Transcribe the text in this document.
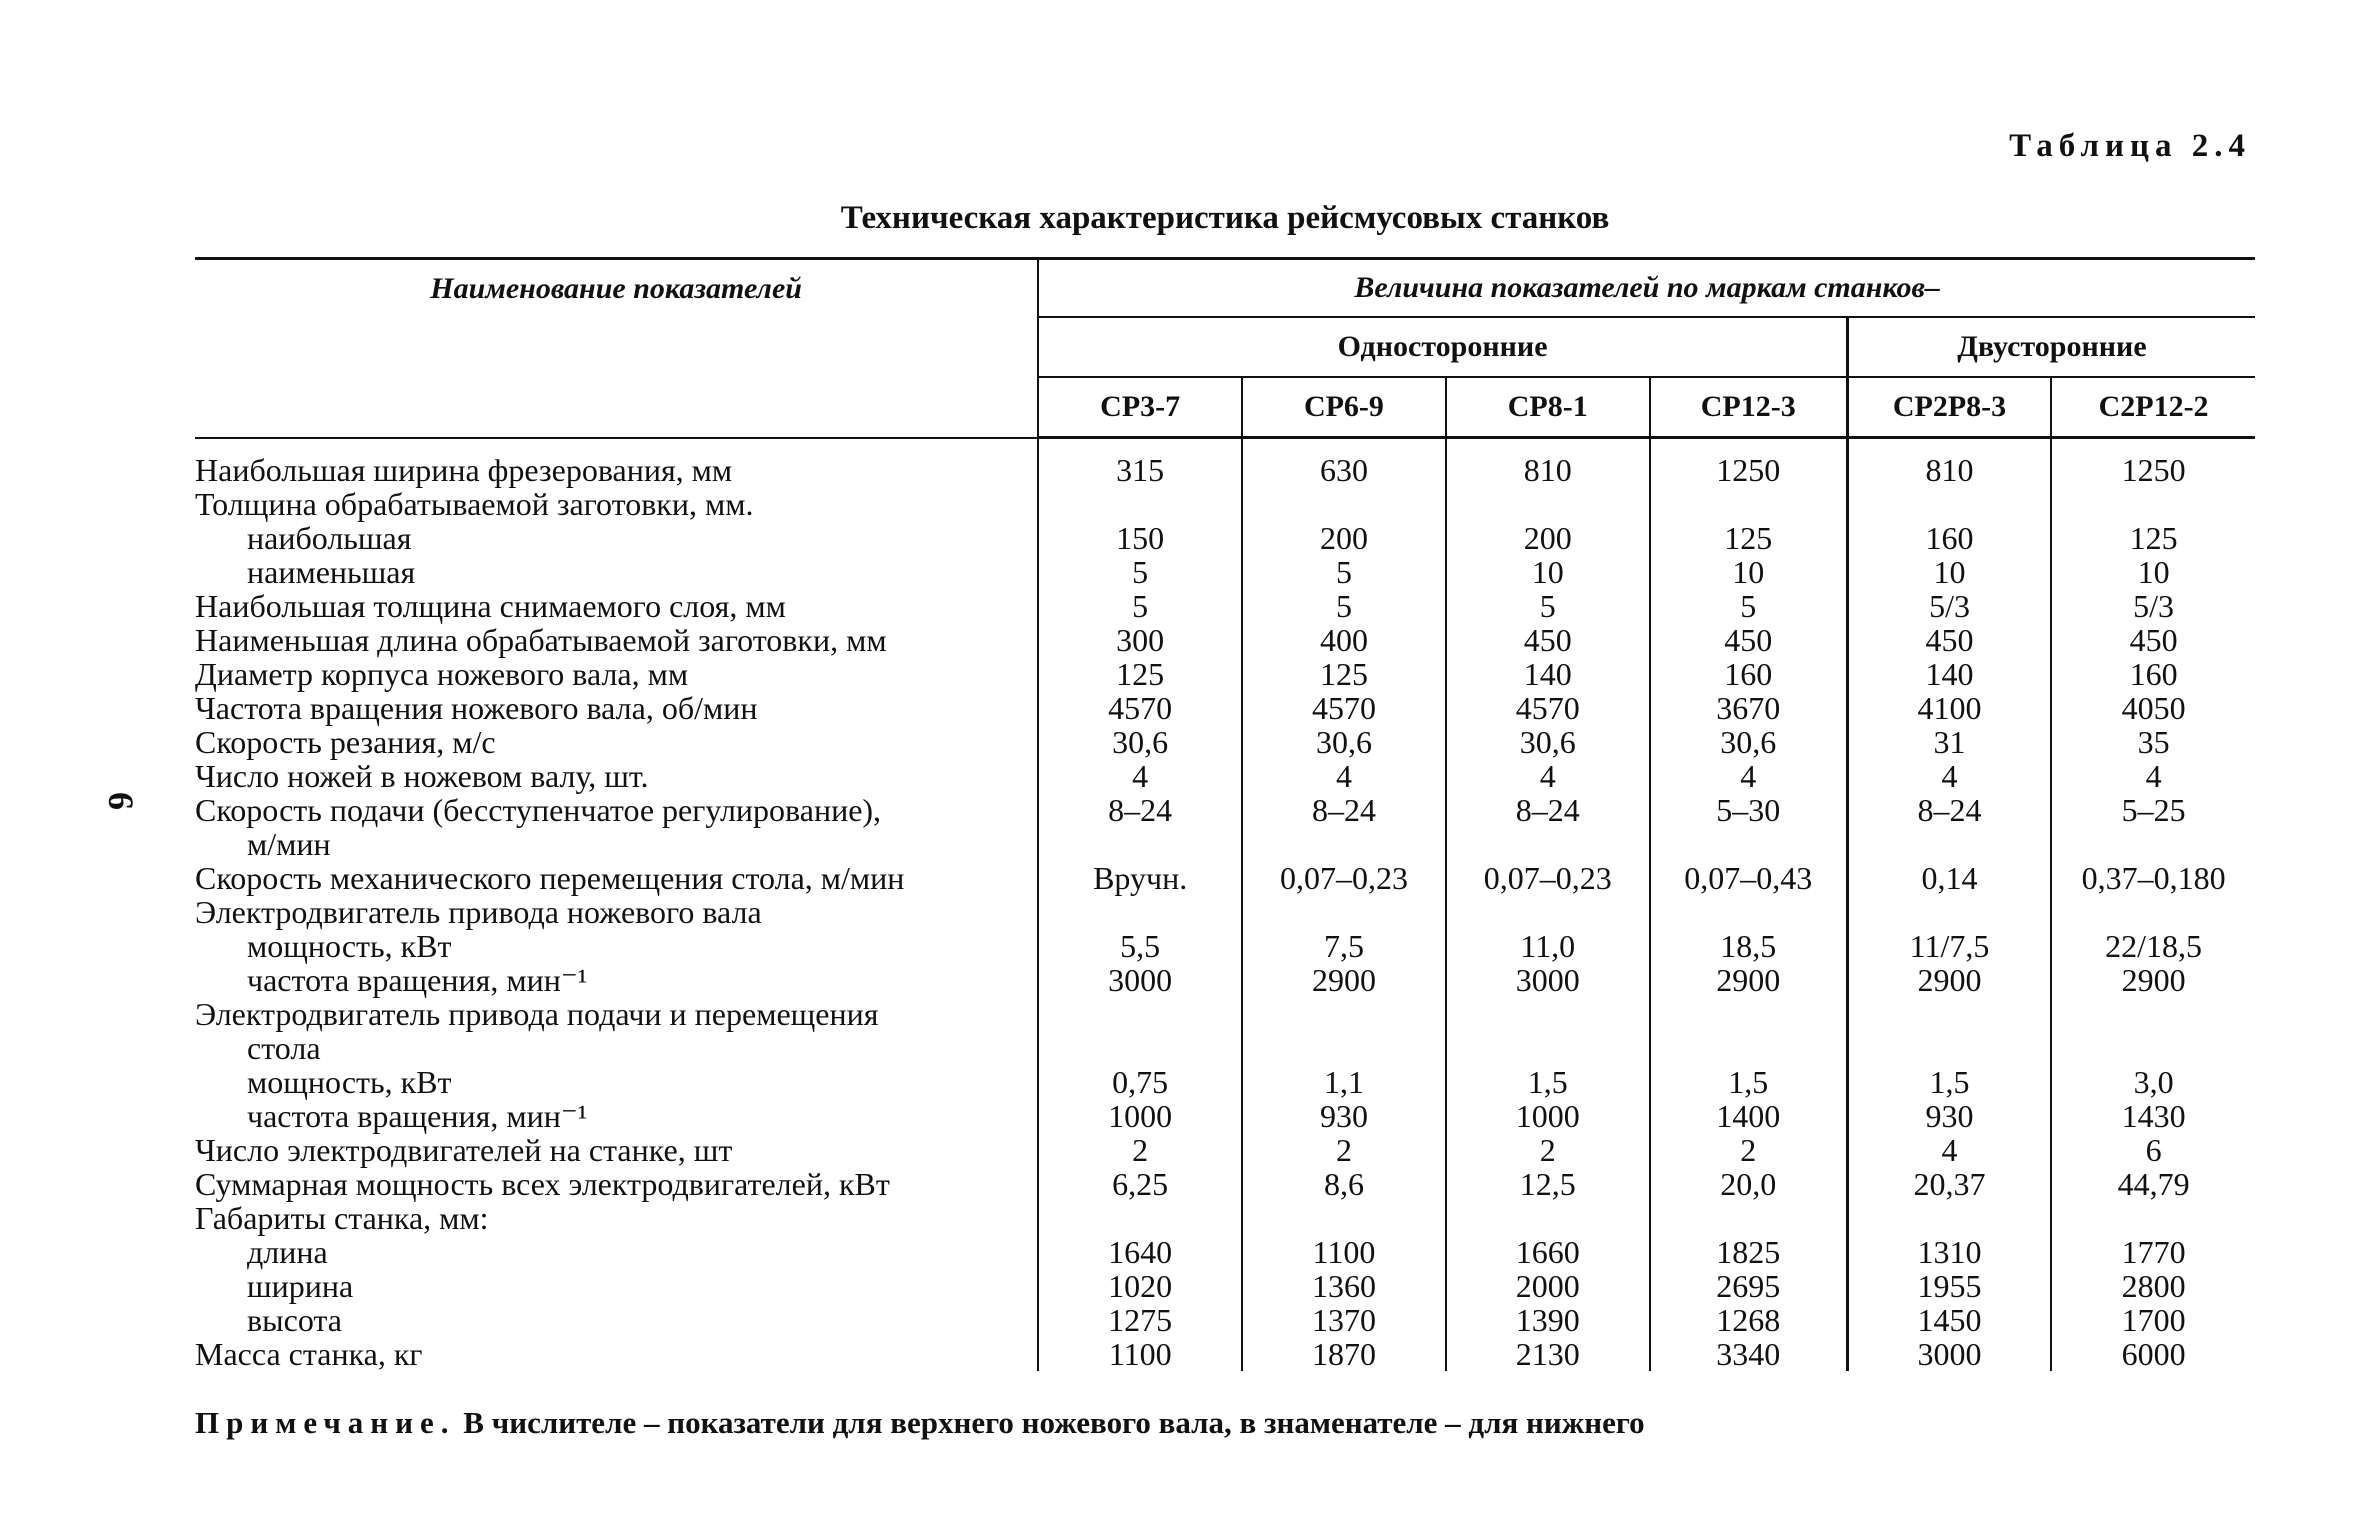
Таблица 2.4
Техническая характеристика рейсмусовых станков
6
Наименование показателей	Величина показателей по маркам станков–					
	Односторонние				Двусторонние	
	СР3-7	СР6-9	СР8-1	СР12-3	СР2Р8-3	С2Р12-2
Наибольшая ширина фрезерования, мм	315	630	810	1250	810	1250
Толщина обрабатываемой заготовки, мм.						
наибольшая	150	200	200	125	160	125
наименьшая	5	5	10	10	10	10
Наибольшая толщина снимаемого слоя, мм	5	5	5	5	5/3	5/3
Наименьшая длина обрабатываемой заготовки, мм	300	400	450	450	450	450
Диаметр корпуса ножевого вала, мм	125	125	140	160	140	160
Частота вращения ножевого вала, об/мин	4570	4570	4570	3670	4100	4050
Скорость резания, м/с	30,6	30,6	30,6	30,6	31	35
Число ножей в ножевом валу, шт.	4	4	4	4	4	4
Скорость подачи (бесступенчатое регулирование),	8–24	8–24	8–24	5–30	8–24	5–25
м/мин						
Скорость механического перемещения стола, м/мин	Вручн.	0,07–0,23	0,07–0,23	0,07–0,43	0,14	0,37–0,180
Электродвигатель привода ножевого вала						
мощность, кВт	5,5	7,5	11,0	18,5	11/7,5	22/18,5
частота вращения, мин⁻¹	3000	2900	3000	2900	2900	2900
Электродвигатель привода подачи и перемещения						
стола						
мощность, кВт	0,75	1,1	1,5	1,5	1,5	3,0
частота вращения, мин⁻¹	1000	930	1000	1400	930	1430
Число электродвигателей на станке, шт	2	2	2	2	4	6
Суммарная мощность всех электродвигателей, кВт	6,25	8,6	12,5	20,0	20,37	44,79
Габариты станка, мм:						
длина	1640	1100	1660	1825	1310	1770
ширина	1020	1360	2000	2695	1955	2800
высота	1275	1370	1390	1268	1450	1700
Масса станка, кг	1100	1870	2130	3340	3000	6000
Примечание. В числителе – показатели для верхнего ножевого вала, в знаменателе – для нижнего
